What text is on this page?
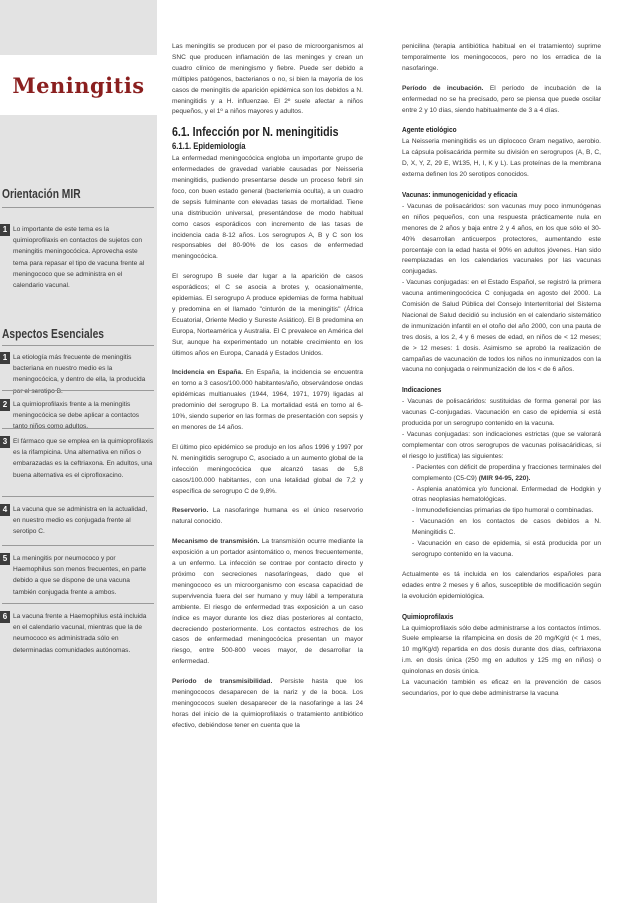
Meningitis
Orientación MIR
1 Lo importante de este tema es la quimioprofilaxis en contactos de sujetos con meningitis meningocócica. Aprovecha este tema para repasar el tipo de vacuna frente al meningococo que se administra en el calendario vacunal.
Aspectos Esenciales
1 La etiología más frecuente de meningitis bacteriana en nuestro medio es la meningocócica, y dentro de ella, la producida por el serotipo B.
2 La quimioprofilaxis frente a la meningitis meningocócica se debe aplicar a contactos tanto niños como adultos.
3 El fármaco que se emplea en la quimioprofilaxis es la rifampicina. Una alternativa en niños o embarazadas es la ceftriaxona. En adultos, una buena alternativa es el ciprofloxacino.
4 La vacuna que se administra en la actualidad, en nuestro medio es conjugada frente al serotipo C.
5 La meningitis por neumococo y por Haemophilus son menos frecuentes, en parte debido a que se dispone de una vacuna también conjugada frente a ambos.
6 La vacuna frente a Haemophilus está incluida en el calendario vacunal, mientras que la de neumococo es administrada sólo en determinadas comunidades autónomas.

Las meningitis se producen por el paso de microorganismos al SNC que producen inflamación de las meninges y crean un cuadro clínico de meningismo y fiebre. Puede ser debido a múltiples patógenos, bacterianos o no, si bien la mayoría de los casos de meningitis de aparición epidémica son los debidos a N. meningitidis y a H. influenzae. El 2º suele afectar a niños pequeños, y el 1º a niños mayores y adultos.

6.1. Infección por N. meningitidis
6.1.1. Epidemiología

La enfermedad meningocócica engloba un importante grupo de enfermedades de gravedad variable causadas por Neisseria meningitidis, pudiendo presentarse desde un proceso febril sin foco, con buen estado general (bacteriemia oculta), a un cuadro de sepsis fulminante con elevadas tasas de mortalidad. Tiene una distribución universal, presentándose de modo habitual como casos esporádicos con incremento de las tasas de incidencia cada 8-12 años. Los serogrupos A, B y C son los responsables del 80-90% de los casos de enfermedad meningocócica.

El serogrupo B suele dar lugar a la aparición de casos esporádicos; el C se asocia a brotes y, ocasionalmente, epidemias. El serogrupo A produce epidemias de forma habitual y predomina en el llamado "cinturón de la meningitis" (África Ecuatorial, Oriente Medio y Sureste Asiático). El B predomina en Europa, Norteamérica y Australia. El C prevalece en América del Sur, aunque ha experimentado un notable crecimiento en los últimos años en Europa, Canadá y Estados Unidos.

Incidencia en España. En España, la incidencia se encuentra en torno a 3 casos/100.000 habitantes/año, observándose ondas epidémicas multianuales (1944, 1964, 1971, 1979) ligadas al predominio del serogrupo B. La mortalidad está en torno al 6-10%, siendo superior en las formas de presentación con sepsis y en menores de 14 años.

El último pico epidémico se produjo en los años 1996 y 1997 por N. meningitidis serogrupo C, asociado a un aumento global de la infección meningocócica que alcanzó tasas de 5,8 casos/100.000 habitantes, con una letalidad global de 7,2 y específica de serogrupo C de 9,8%.

Reservorio. La nasofaringe humana es el único reservorio natural conocido.

Mecanismo de transmisión. La transmisión ocurre mediante la exposición a un portador asintomático o, menos frecuentemente, a un enfermo. La infección se contrae por contacto directo y próximo con secreciones nasofaríngeas, dado que el meningococo es un microorganismo con escasa capacidad de supervivencia fuera del ser humano y muy lábil a temperatura ambiente. El riesgo de enfermedad tras exposición a un caso índice es mayor durante los diez días posteriores al contacto, decreciendo posteriormente. Los contactos estrechos de los casos de enfermedad meningocócica presentan un mayor riesgo, entre 500-800 veces mayor, de desarrollar la enfermedad.

Período de transmisibilidad. Persiste hasta que los meningococos desaparecen de la nariz y de la boca. Los meningococos suelen desaparecer de la nasofaringe a las 24 horas del inicio de la quimioprofilaxis o tratamiento antibiótico efectivo, debiéndose tener en cuenta que la

penicilina (terapia antibiótica habitual en el tratamiento) suprime temporalmente los meningococos, pero no los erradica de la nasofaringe.

Período de incubación. El período de incubación de la enfermedad no se ha precisado, pero se piensa que puede oscilar entre 2 y 10 días, siendo habitualmente de 3 a 4 días.

Agente etiológico

La Neisseria meningitidis es un diplococo Gram negativo, aerobio. La cápsula polisacárida permite su división en serogrupos (A, B, C, D, X, Y, Z, 29 E, W135, H, I, K y L). Las proteínas de la membrana externa definen los 20 serotipos conocidos.

Vacunas: inmunogenicidad y eficacia

- Vacunas de polisacáridos: son vacunas muy poco inmunógenas en niños pequeños, con una respuesta prácticamente nula en menores de 2 años y baja entre 2 y 4 años, en los que sólo el 30-40% desarrollan anticuerpos protectores, aumentando este porcentaje con la edad hasta el 90% en adultos jóvenes. Han sido reemplazadas en los calendarios vacunales por las vacunas conjugadas.

- Vacunas conjugadas: en el Estado Español, se registró la primera vacuna antimeningocócica C conjugada en agosto del 2000. La Comisión de Salud Pública del Consejo Interterritorial del Sistema Nacional de Salud decidió su inclusión en el calendario sistemático de inmunización infantil en el otoño del año 2000, con una pauta de tres dosis, a los 2, 4 y 6 meses de edad, en niños de < 12 meses; de > 12 meses: 1 dosis. Asimismo se aprobó la realización de campañas de vacunación de todos los niños no inmunizados con la vacuna no conjugada o reinmunización de los < de 6 años.

Indicaciones

- Vacunas de polisacáridos: sustituidas de forma general por las vacunas C-conjugadas. Vacunación en caso de epidemia si está producida por un serogrupo contenido en la vacuna.

- Vacunas conjugadas: son indicaciones estrictas (que se valorará complementar con otros serogrupos de vacunas polisacáridicas, si el riesgo lo justifica) las siguientes:

- Pacientes con déficit de properdina y fracciones terminales del complemento (C5-C9) (MIR 94-95, 220).

- Asplenia anatómica y/o funcional. Enfermedad de Hodgkin y otras neoplasias hematológicas.

- Inmunodeficiencias primarias de tipo humoral o combinadas.

- Vacunación en los contactos de casos debidos a N. Meningitidis C.

- Vacunación en caso de epidemia, si está producida por un serogrupo contenido en la vacuna.

Actualmente es tá incluida en los calendarios españoles para edades entre 2 meses y 6 años, susceptible de modificación según la evolución epidemiológica.

Quimioprofilaxis

La quimioprofilaxis sólo debe administrarse a los contactos íntimos. Suele emplearse la rifampicina en dosis de 20 mg/Kg/d (< 1 mes, 10 mg/Kg/d) repartida en dos dosis durante dos días, ceftriaxona i.m. en dosis única (250 mg en adultos y 125 mg en niños) o quinolonas en dosis única.

La vacunación también es eficaz en la prevención de casos secundarios, por lo que debe administrarse la vacuna
